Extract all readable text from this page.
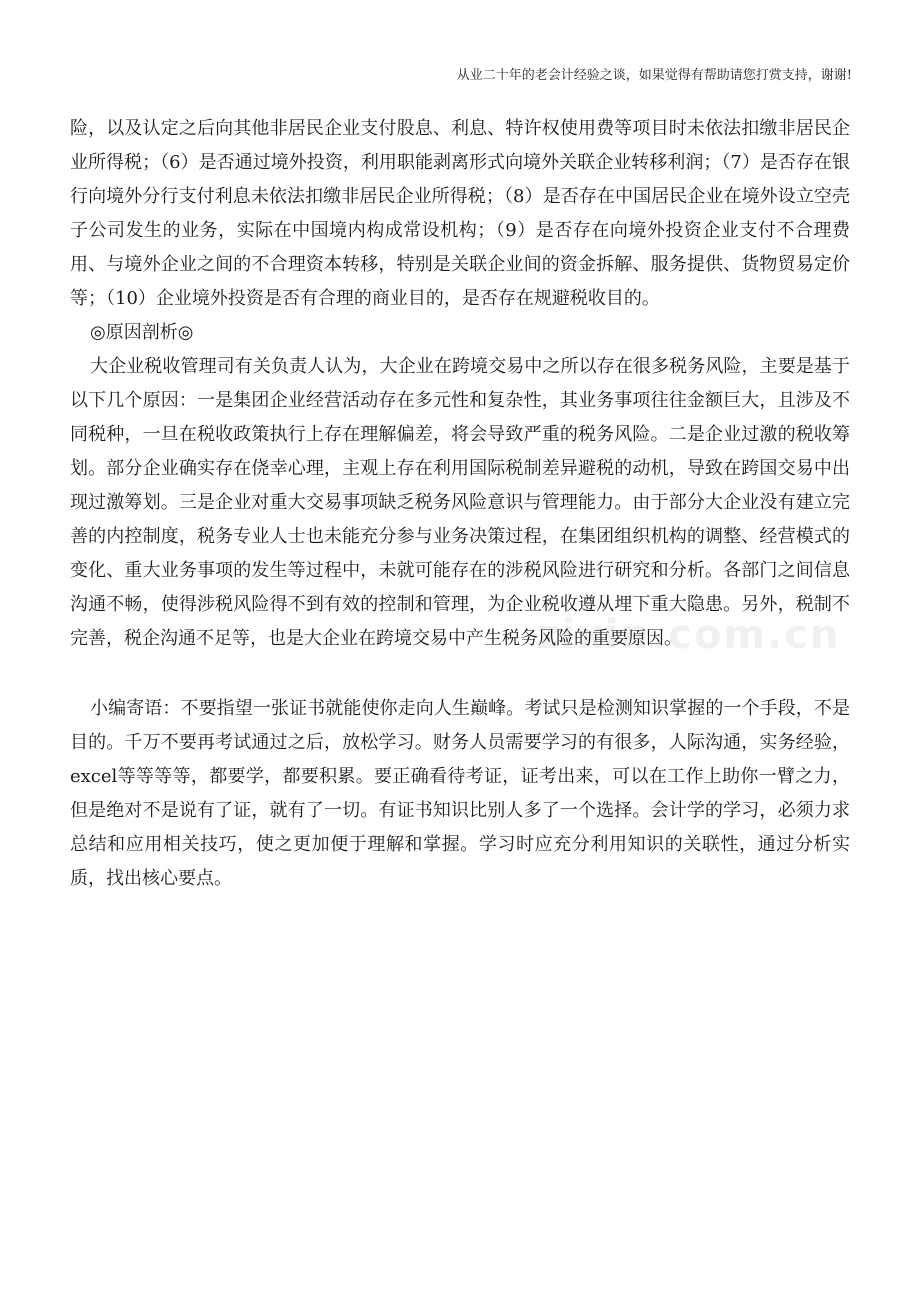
从业二十年的老会计经验之谈，如果觉得有帮助请您打赏支持，谢谢!

险，以及认定之后向其他非居民企业支付股息、利息、特许权使用费等项目时未依法扣缴非居民企业所得税；（6）是否通过境外投资，利用职能剥离形式向境外关联企业转移利润；（7）是否存在银行向境外分行支付利息未依法扣缴非居民企业所得税；（8）是否存在中国居民企业在境外设立空壳子公司发生的业务，实际在中国境内构成常设机构；（9）是否存在向境外投资企业支付不合理费用、与境外企业之间的不合理资本转移，特别是关联企业间的资金拆解、服务提供、货物贸易定价等；（10）企业境外投资是否有合理的商业目的，是否存在规避税收目的。

◎原因剖析◎

大企业税收管理司有关负责人认为，大企业在跨境交易中之所以存在很多税务风险，主要是基于以下几个原因：一是集团企业经营活动存在多元性和复杂性，其业务事项往往金额巨大，且涉及不同税种，一旦在税收政策执行上存在理解偏差，将会导致严重的税务风险。二是企业过激的税收筹划。部分企业确实存在侥幸心理，主观上存在利用国际税制差异避税的动机，导致在跨国交易中出现过激筹划。三是企业对重大交易事项缺乏税务风险意识与管理能力。由于部分大企业没有建立完善的内控制度，税务专业人士也未能充分参与业务决策过程，在集团组织机构的调整、经营模式的变化、重大业务事项的发生等过程中，未就可能存在的涉税风险进行研究和分析。各部门之间信息沟通不畅，使得涉税风险得不到有效的控制和管理，为企业税收遵从埋下重大隐患。另外，税制不完善，税企沟通不足等，也是大企业在跨境交易中产生税务风险的重要原因。

小编寄语：不要指望一张证书就能使你走向人生巅峰。考试只是检测知识掌握的一个手段，不是目的。千万不要再考试通过之后，放松学习。财务人员需要学习的有很多，人际沟通，实务经验，excel等等等等，都要学，都要积累。要正确看待考证，证考出来，可以在工作上助你一臂之力，但是绝对不是说有了证，就有了一切。有证书知识比别人多了一个选择。会计学的学习，必须力求总结和应用相关技巧，使之更加便于理解和掌握。学习时应充分利用知识的关联性，通过分析实质，找出核心要点。

zixin.com.cn
